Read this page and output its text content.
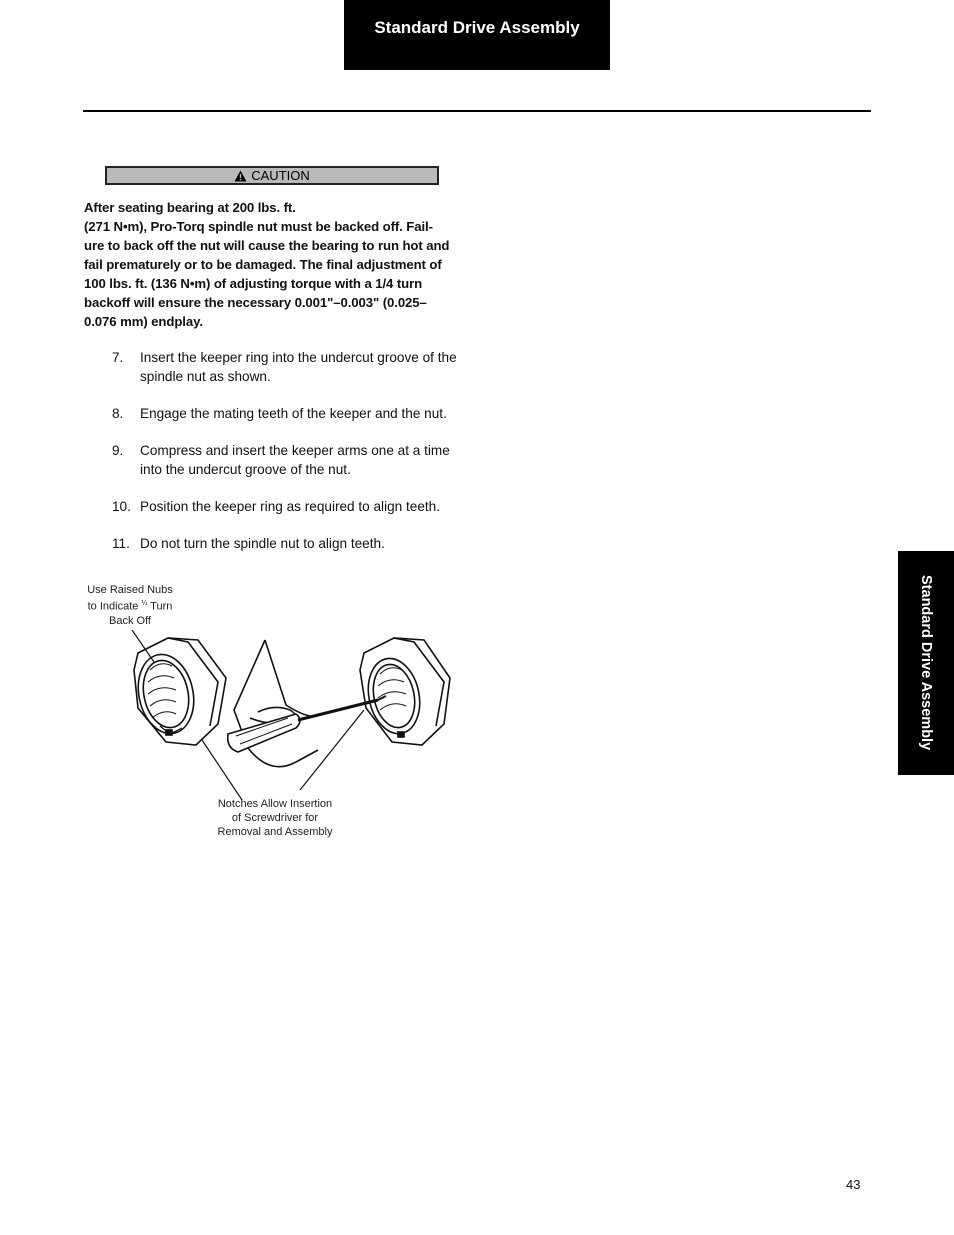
Standard Drive Assembly
CAUTION

After seating bearing at 200 lbs. ft.

(271 N•m), Pro-Torq spindle nut must be backed off. Fail-

ure to back off the nut will cause the bearing to run hot and

fail prematurely or to be damaged. The final adjustment of

100 lbs. ft. (136 N•m) of adjusting torque with a 1/4 turn

backoff will ensure the necessary 0.001"–0.003" (0.025–

0.076 mm) endplay.

7.	Insert the keeper ring into the undercut groove of the
spindle nut as shown.
8.	Engage the mating teeth of the keeper and the nut.
9.	Compress and insert the keeper arms one at a time
into the undercut groove of the nut.
10. Position the keeper ring as required to align teeth.
11. Do not turn the spindle nut to align teeth.
Use Raised Nubs
to Indicate $^{\frac{1}{4}}$ Turn
Back Off
Notches Allow Insertion
of Screwdriver for
Removal and Assembly
Standard Drive Assembly
43
